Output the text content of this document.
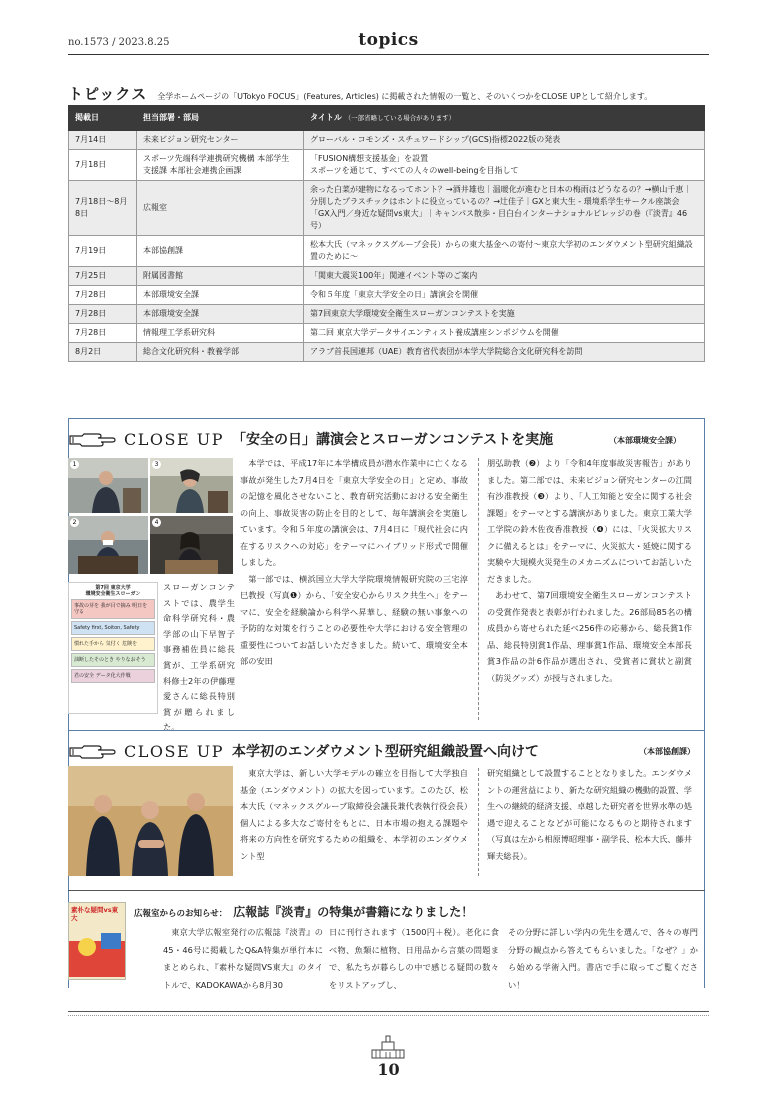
no.1573 / 2023.8.25	topics
トピックス 全学ホームページの「UTokyo FOCUS」(Features, Articles) に掲載された情報の一覧と、そのいくつかをCLOSE UPとして紹介します。

掲載日	担当部署・部局	タイトル （一部省略している場合があります）
7月14日	未来ビジョン研究センター	グローバル・コモンズ・スチュワードシップ(GCS)指標2022版の発表
7月18日	スポーツ先端科学連携研究機構 本部学生支援課 本部社会連携企画課	「FUSION構想支援基金」を設置
スポーツを通じて、すべての人々のwell-beingを目指して
7月18日～8月8日	広報室	余った白菜が建物になるってホント？→酒井雄也｜温暖化が進むと日本の梅雨はどうなるの？→横山千恵｜分別したプラスチックはホントに役立っているの？→辻佳子｜GXと東大生 - 環境系学生サークル座談会　「GX入門／身近な疑問vs東大」｜キャンパス散歩・目白台インターナショナルビレッジの巻（『淡青』46号）
7月19日	本部協創課	松本大氏（マネックスグループ会長）からの東大基金への寄付〜東京大学初のエンダウメント型研究組織設置のために〜
7月25日	附属図書館	「関東大震災100年」関連イベント等のご案内
7月28日	本部環境安全課	令和５年度「東京大学安全の日」講演会を開催
7月28日	本部環境安全課	第7回東京大学環境安全衛生スローガンコンテストを実施
7月28日	情報理工学系研究科	第二回 東京大学データサイエンティスト養成講座シンポジウムを開催
8月2日	総合文化研究科・教養学部	アラブ首長国連邦（UAE）教育省代表団が本学大学院総合文化研究科を訪問
CLOSE UP 「安全の日」講演会とスローガンコンテストを実施	（本部環境安全課）
1	3
2	4
第7回 東京大学
環境安全衛生スローガン
事故の芽を 我が目で摘み 明日を守る
Safety first, Soiton, Safety
慣れた手から 気付く 危険を
油断したそのとき やりなおそう
君の安全 データ化大作戦
スローガンコンテストでは、農学生命科学研究科・農学部の山下早智子事務補佐員に総長賞が、工学系研究科修士2年の伊藤理愛さんに総長特別賞が贈られました。

本学では、平成17年に本学構成員が潜水作業中に亡くなる事故が発生した7月4日を「東京大学安全の日」と定め、事故の記憶を風化させないこと、教育研究活動における安全衛生の向上、事故災害の防止を目的として、毎年講演会を実施しています。令和５年度の講演会は、7月4日に「現代社会に内在するリスクへの対応」をテーマにハイブリッド形式で開催しました。

第一部では、横浜国立大学大学院環境情報研究院の三宅淳巳教授（写真❶）から、「安全安心からリスク共生へ」をテーマに、安全を経験論から科学へ昇華し、経験の無い事象への予防的な対策を行うことの必要性や大学における安全管理の重要性についてお話しいただきました。続いて、環境安全本部の安田

朋弘助教（❷）より「令和4年度事故災害報告」がありました。第二部では、未来ビジョン研究センターの江間有沙准教授（❸）より、「人工知能と安全に関する社会課題」をテーマとする講演がありました。東京工業大学工学院の鈴木佐夜香准教授（❹）には、「火災拡大リスクに備えるとは」をテーマに、火災拡大・延焼に関する実験や大規模火災発生のメカニズムについてお話しいただきました。

あわせて、第7回環境安全衛生スローガンコンテストの受賞作発表と表彰が行われました。26部局85名の構成員から寄せられた延べ256件の応募から、総長賞1作品、総長特別賞1作品、理事賞1作品、環境安全本部長賞3作品の計6作品が選出され、受賞者に賞状と副賞（防災グッズ）が授与されました。

CLOSE UP 本学初のエンダウメント型研究組織設置へ向けて	（本部協創課）

東京大学は、新しい大学モデルの確立を目指して大学独自基金（エンダウメント）の拡大を図っています。このたび、松本大氏（マネックスグループ取締役会議長兼代表執行役会長）個人による多大なご寄付をもとに、日本市場の抱える課題や将来の方向性を研究するための組織を、本学初のエンダウメント型

研究組織として設置することとなりました。エンダウメントの運営益により、新たな研究組織の機動的設置、学生への継続的経済支援、卓越した研究者を世界水準の処遇で迎えることなどが可能になるものと期待されます（写真は左から相原博昭理事・副学長、松本大氏、藤井輝夫総長）。

素朴な疑問vs東大	広報室からのお知らせ： 広報誌『淡青』の特集が書籍になりました！

東京大学広報室発行の広報誌『淡青』の45・46号に掲載したQ&A特集が単行本にまとめられ、『素朴な疑問VS東大』のタイトルで、KADOKAWAから8月30

日に刊行されます（1500円＋税）。老化に食べ物、魚類に植物、日用品から言葉の問題まで、私たちが暮らしの中で感じる疑問の数々をリストアップし、

その分野に詳しい学内の先生を選んで、各々の専門分野の観点から答えてもらいました。「なぜ？」から始める学術入門。書店で手に取ってご覧ください！

10
